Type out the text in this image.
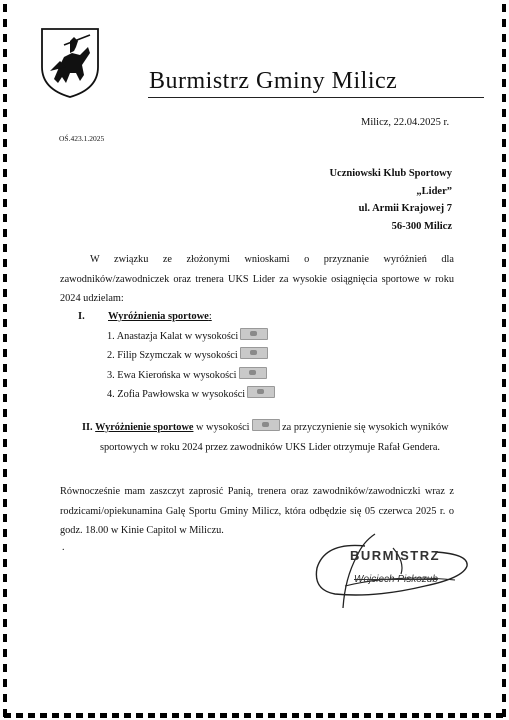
Burmistrz Gminy Milicz
Milicz, 22.04.2025 r.
OŚ.423.1.2025
Uczniowski Klub Sportowy
„Lider”
ul. Armii Krajowej 7
56-300 Milicz
W związku ze złożonymi wnioskami o przyznanie wyróżnień dla zawodników/zawodniczek oraz trenera UKS Lider za wysokie osiągnięcia sportowe w roku 2024 udzielam:
I. Wyróżnienia sportowe:
1. Anastazja Kalat w wysokości
2. Filip Szymczak w wysokości
3. Ewa Kierońska w wysokości
4. Zofia Pawłowska w wysokości
II. Wyróżnienie sportowe w wysokości	za przyczynienie się wysokich wyników
sportowych w roku 2024 przez zawodników UKS Lider otrzymuje Rafał Gendera.
Równocześnie mam zaszczyt zaprosić Panią, trenera oraz zawodników/zawodniczki wraz z rodzicami/opiekunamina Galę Sportu Gminy Milicz, która odbędzie się 05 czerwca 2025 r. o godz. 18.00 w Kinie Capitol w Miliczu.
.
BURMISTRZ
Wojciech Piskozub
